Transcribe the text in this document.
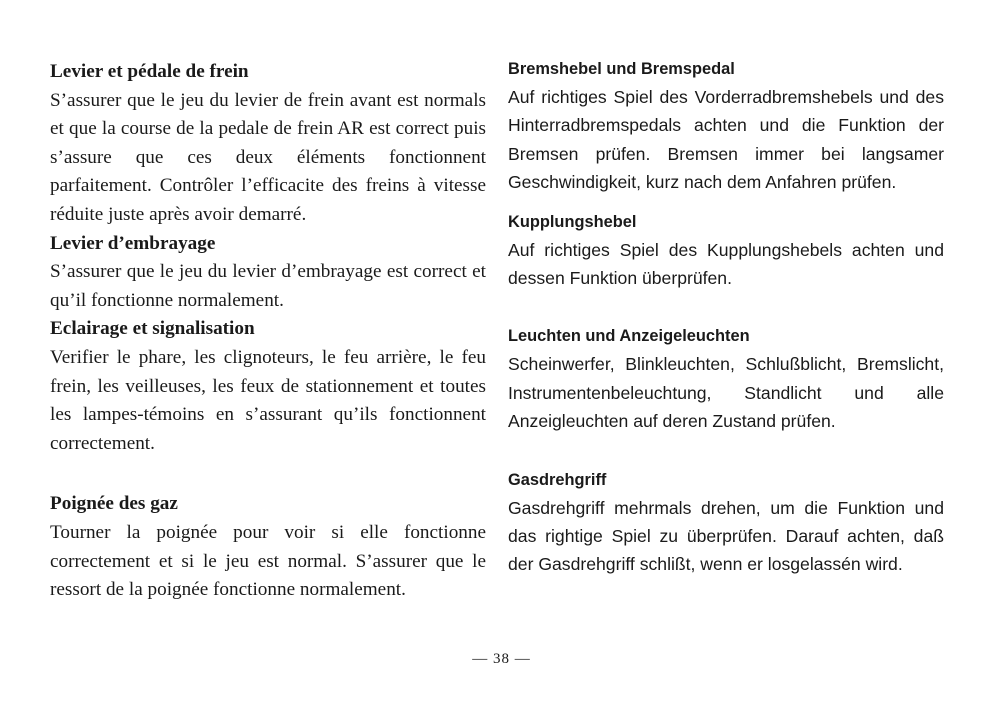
Levier et pédale de frein

S’assurer que le jeu du levier de frein avant est normals et que la course de la pedale de frein AR est correct puis s’assure que ces deux éléments fonctionnent parfaitement. Contrôler l’efficacite des freins à vitesse réduite juste après avoir demarré.

Levier d’embrayage

S’assurer que le jeu du levier d’embrayage est correct et qu’il fonctionne normalement.

Eclairage et signalisation

Verifier le phare, les clignoteurs, le feu arrière, le feu frein, les veilleuses, les feux de stationnement et toutes les lampes-témoins en s’assurant qu’ils fonctionnent correctement.

Poignée des gaz

Tourner la poignée pour voir si elle fonctionne correctement et si le jeu est normal. S’assurer que le ressort de la poignée fonctionne normalement.

Bremshebel und Bremspedal

Auf richtiges Spiel des Vorderradbremshebels und des Hinterradbremspedals achten und die Funktion der Bremsen prüfen. Bremsen immer bei langsamer Geschwindigkeit, kurz nach dem Anfahren prüfen.

Kupplungshebel

Auf richtiges Spiel des Kupplungshebels achten und dessen Funktion überprüfen.

Leuchten und Anzeigeleuchten

Scheinwerfer, Blinkleuchten, Schlußblicht, Bremslicht, Instrumentenbeleuchtung, Standlicht und alle Anzeigleuchten auf deren Zustand prüfen.

Gasdrehgriff

Gasdrehgriff mehrmals drehen, um die Funktion und das rightige Spiel zu überprüfen. Darauf achten, daß der Gasdrehgriff schlißt, wenn er losgelassén wird.

— 38 —
